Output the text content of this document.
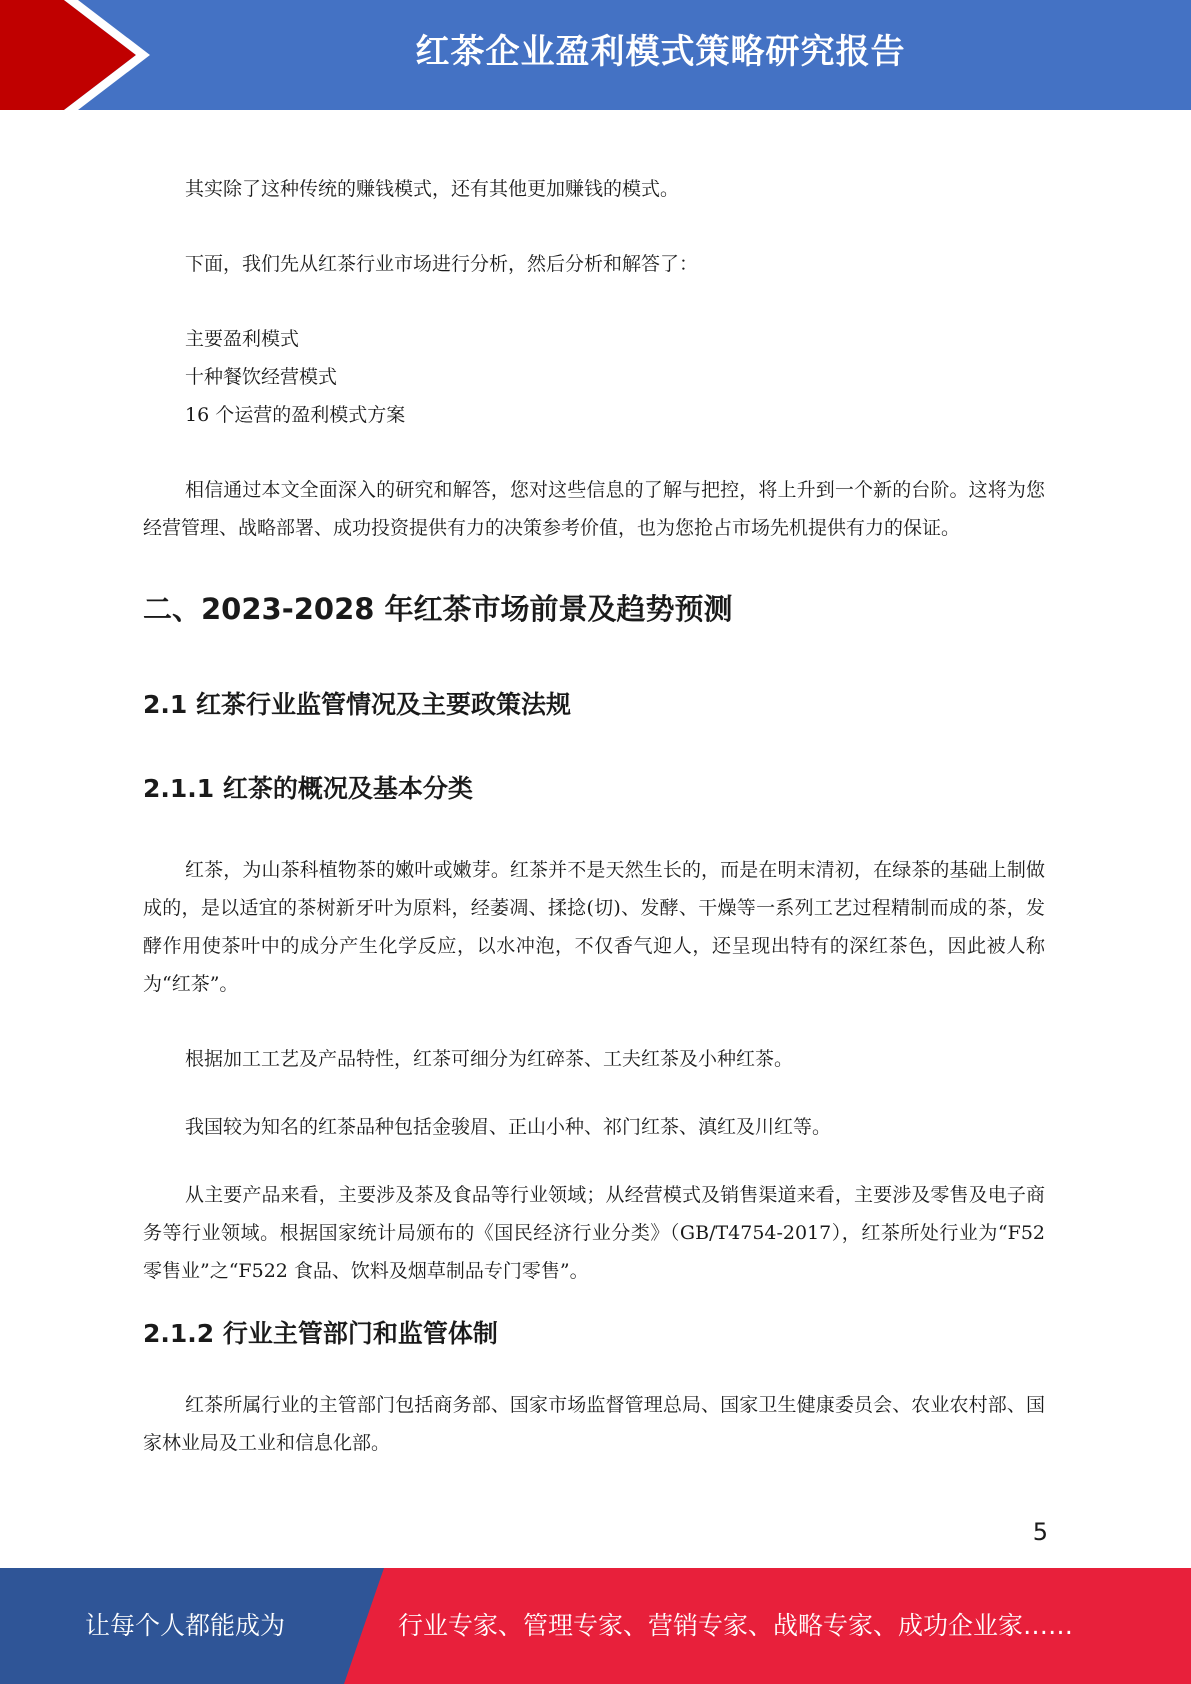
红茶企业盈利模式策略研究报告

其实除了这种传统的赚钱模式，还有其他更加赚钱的模式。

下面，我们先从红茶行业市场进行分析，然后分析和解答了：

主要盈利模式

十种餐饮经营模式

16 个运营的盈利模式方案

相信通过本文全面深入的研究和解答，您对这些信息的了解与把控，将上升到一个新的台阶。这将为您经营管理、战略部署、成功投资提供有力的决策参考价值，也为您抢占市场先机提供有力的保证。

二、2023-2028 年红茶市场前景及趋势预测
2.1 红茶行业监管情况及主要政策法规
2.1.1 红茶的概况及基本分类

红茶，为山茶科植物茶的嫩叶或嫩芽。红茶并不是天然生长的，而是在明末清初，在绿茶的基础上制做成的，是以适宜的茶树新牙叶为原料，经萎凋、揉捻(切)、发酵、干燥等一系列工艺过程精制而成的茶，发酵作用使茶叶中的成分产生化学反应，以水冲泡，不仅香气迎人，还呈现出特有的深红茶色，因此被人称为“红茶”。

根据加工工艺及产品特性，红茶可细分为红碎茶、工夫红茶及小种红茶。

我国较为知名的红茶品种包括金骏眉、正山小种、祁门红茶、滇红及川红等。

从主要产品来看，主要涉及茶及食品等行业领域；从经营模式及销售渠道来看，主要涉及零售及电子商务等行业领域。根据国家统计局颁布的《国民经济行业分类》（GB/T4754-2017），红茶所处行业为“F52 零售业”之“F522 食品、饮料及烟草制品专门零售”。

2.1.2 行业主管部门和监管体制

红茶所属行业的主管部门包括商务部、国家市场监督管理总局、国家卫生健康委员会、农业农村部、国家林业局及工业和信息化部。

5
让每个人都能成为	行业专家、管理专家、营销专家、战略专家、成功企业家……
